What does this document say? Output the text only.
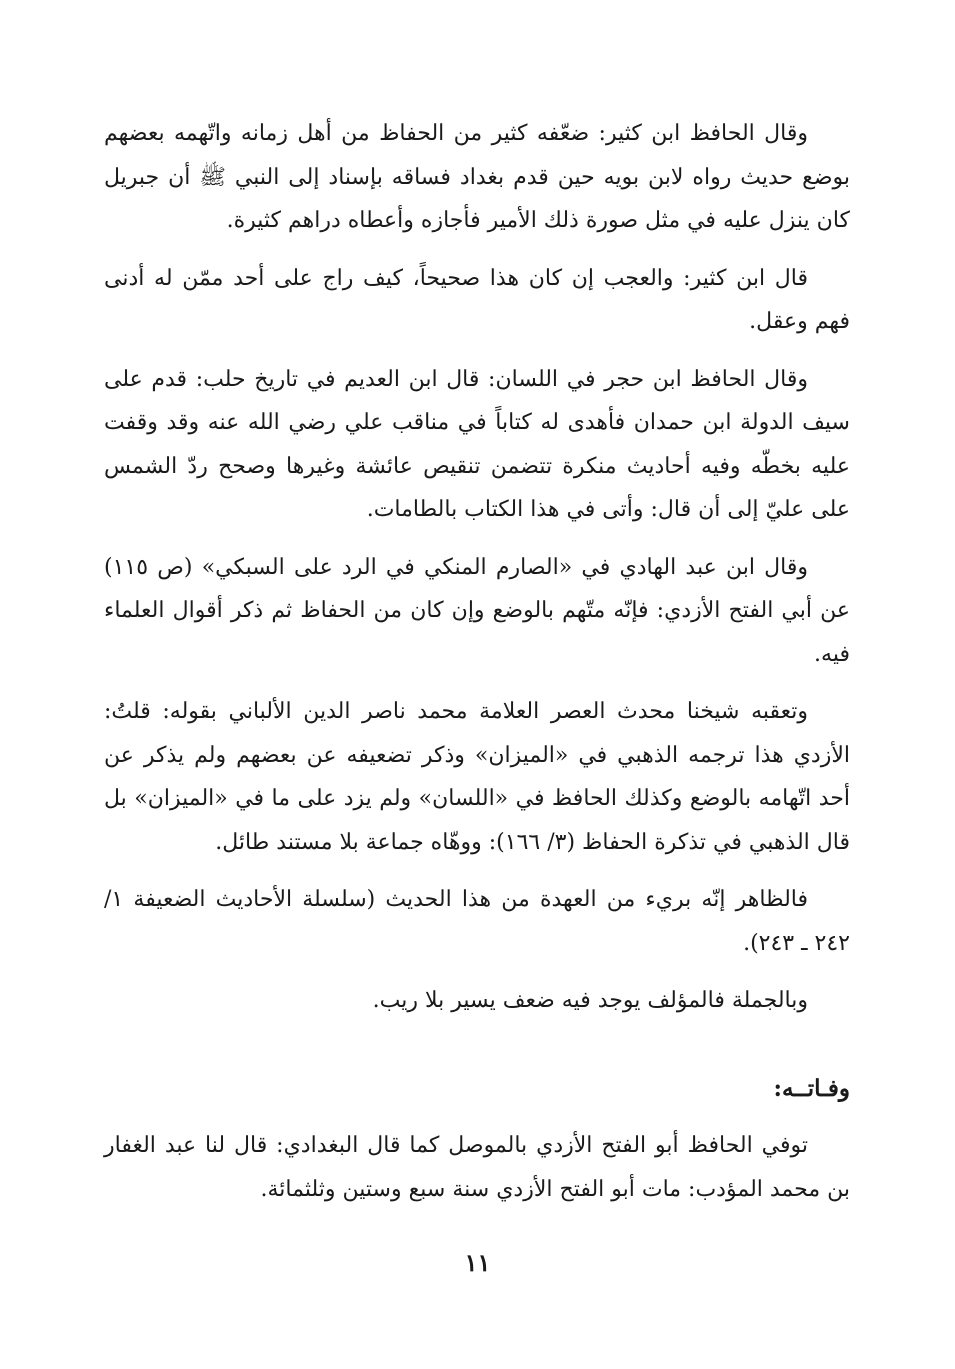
وقال الحافظ ابن كثير: ضعّفه كثير من الحفاظ من أهل زمانه واتّهمه بعضهم بوضع حديث رواه لابن بويه حين قدم بغداد فساقه بإسناد إلى النبي ﷺ أن جبريل كان ينزل عليه في مثل صورة ذلك الأمير فأجازه وأعطاه دراهم كثيرة.

قال ابن كثير: والعجب إن كان هذا صحيحاً، كيف راج على أحد ممّن له أدنى فهم وعقل.

وقال الحافظ ابن حجر في اللسان: قال ابن العديم في تاريخ حلب: قدم على سيف الدولة ابن حمدان فأهدى له كتاباً في مناقب علي رضي الله عنه وقد وقفت عليه بخطّه وفيه أحاديث منكرة تتضمن تنقيص عائشة وغيرها وصحح ردّ الشمس على عليّ إلى أن قال: وأتى في هذا الكتاب بالطامات.

وقال ابن عبد الهادي في «الصارم المنكي في الرد على السبكي» (ص ١١٥) عن أبي الفتح الأزدي: فإنّه متّهم بالوضع وإن كان من الحفاظ ثم ذكر أقوال العلماء فيه.

وتعقبه شيخنا محدث العصر العلامة محمد ناصر الدين الألباني بقوله: قلتُ: الأزدي هذا ترجمه الذهبي في «الميزان» وذكر تضعيفه عن بعضهم ولم يذكر عن أحد اتّهامه بالوضع وكذلك الحافظ في «اللسان» ولم يزد على ما في «الميزان» بل قال الذهبي في تذكرة الحفاظ (٣/ ١٦٦): ووهّاه جماعة بلا مستند طائل.

فالظاهر إنّه بريء من العهدة من هذا الحديث (سلسلة الأحاديث الضعيفة ١/ ٢٤٢ ـ ٢٤٣).

وبالجملة فالمؤلف يوجد فيه ضعف يسير بلا ريب.

وفـاتــه:

توفي الحافظ أبو الفتح الأزدي بالموصل كما قال البغدادي: قال لنا عبد الغفار بن محمد المؤدب: مات أبو الفتح الأزدي سنة سبع وستين وثلثمائة.

١١
